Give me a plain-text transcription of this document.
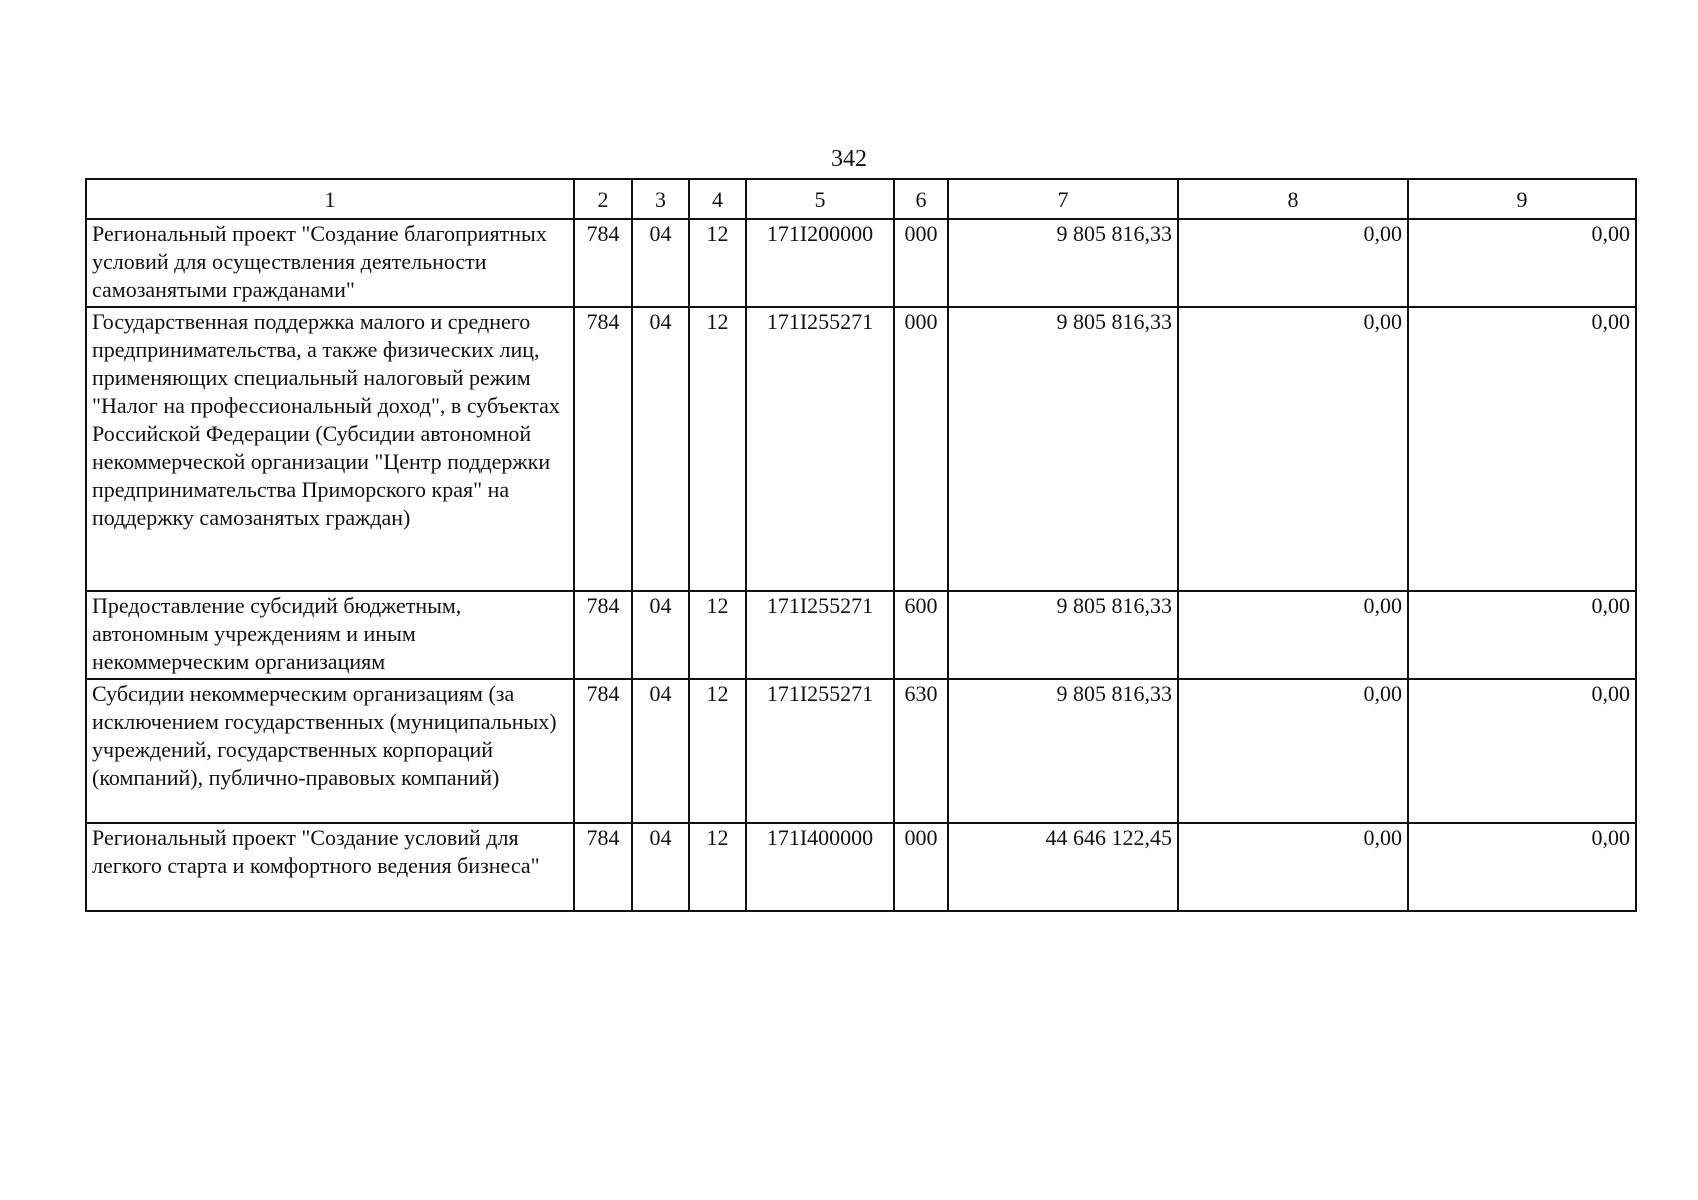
342
1	2	3	4	5	6	7	8	9
Региональный проект "Создание благоприятных условий для осуществления деятельности самозанятыми гражданами"	784	04	12	171I200000	000	9 805 816,33	0,00	0,00
Государственная поддержка малого и среднего предпринимательства, а также физических лиц, применяющих специальный налоговый режим "Налог на профессиональный доход", в субъектах Российской Федерации (Субсидии автономной некоммерческой организации "Центр поддержки предпринимательства Приморского края" на поддержку самозанятых граждан)	784	04	12	171I255271	000	9 805 816,33	0,00	0,00
Предоставление субсидий бюджетным, автономным учреждениям и иным некоммерческим организациям	784	04	12	171I255271	600	9 805 816,33	0,00	0,00
Субсидии некоммерческим организациям (за исключением государственных (муниципальных) учреждений, государственных корпораций (компаний), публично-правовых компаний)	784	04	12	171I255271	630	9 805 816,33	0,00	0,00
Региональный проект "Создание условий для легкого старта и комфортного ведения бизнеса"	784	04	12	171I400000	000	44 646 122,45	0,00	0,00
